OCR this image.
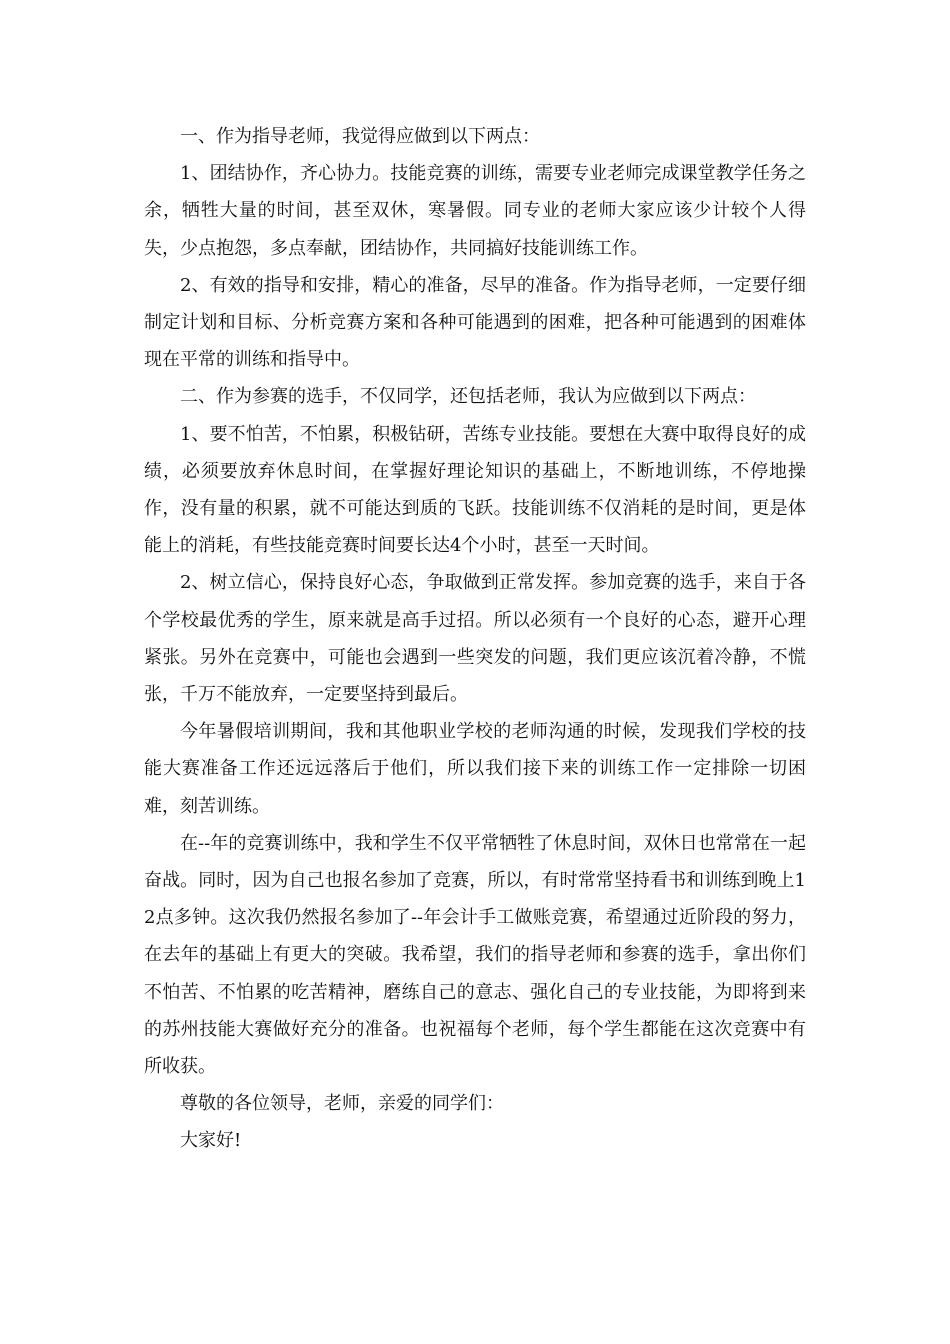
一、作为指导老师，我觉得应做到以下两点：

1、团结协作，齐心协力。技能竞赛的训练，需要专业老师完成课堂教学任务之余，牺牲大量的时间，甚至双休，寒暑假。同专业的老师大家应该少计较个人得失，少点抱怨，多点奉献，团结协作，共同搞好技能训练工作。

2、有效的指导和安排，精心的准备，尽早的准备。作为指导老师，一定要仔细制定计划和目标、分析竞赛方案和各种可能遇到的困难，把各种可能遇到的困难体现在平常的训练和指导中。

二、作为参赛的选手，不仅同学，还包括老师，我认为应做到以下两点：

1、要不怕苦，不怕累，积极钻研，苦练专业技能。要想在大赛中取得良好的成绩，必须要放弃休息时间，在掌握好理论知识的基础上，不断地训练，不停地操作，没有量的积累，就不可能达到质的飞跃。技能训练不仅消耗的是时间，更是体能上的消耗，有些技能竞赛时间要长达4个小时，甚至一天时间。

2、树立信心，保持良好心态，争取做到正常发挥。参加竞赛的选手，来自于各个学校最优秀的学生，原来就是高手过招。所以必须有一个良好的心态，避开心理紧张。另外在竞赛中，可能也会遇到一些突发的问题，我们更应该沉着冷静，不慌张，千万不能放弃，一定要坚持到最后。

今年暑假培训期间，我和其他职业学校的老师沟通的时候，发现我们学校的技能大赛准备工作还远远落后于他们，所以我们接下来的训练工作一定排除一切困难，刻苦训练。

在--年的竞赛训练中，我和学生不仅平常牺牲了休息时间，双休日也常常在一起奋战。同时，因为自己也报名参加了竞赛，所以，有时常常坚持看书和训练到晚上12点多钟。这次我仍然报名参加了--年会计手工做账竞赛，希望通过近阶段的努力，在去年的基础上有更大的突破。我希望，我们的指导老师和参赛的选手，拿出你们不怕苦、不怕累的吃苦精神，磨练自己的意志、强化自己的专业技能，为即将到来的苏州技能大赛做好充分的准备。也祝福每个老师，每个学生都能在这次竞赛中有所收获。

尊敬的各位领导，老师，亲爱的同学们：

大家好!
